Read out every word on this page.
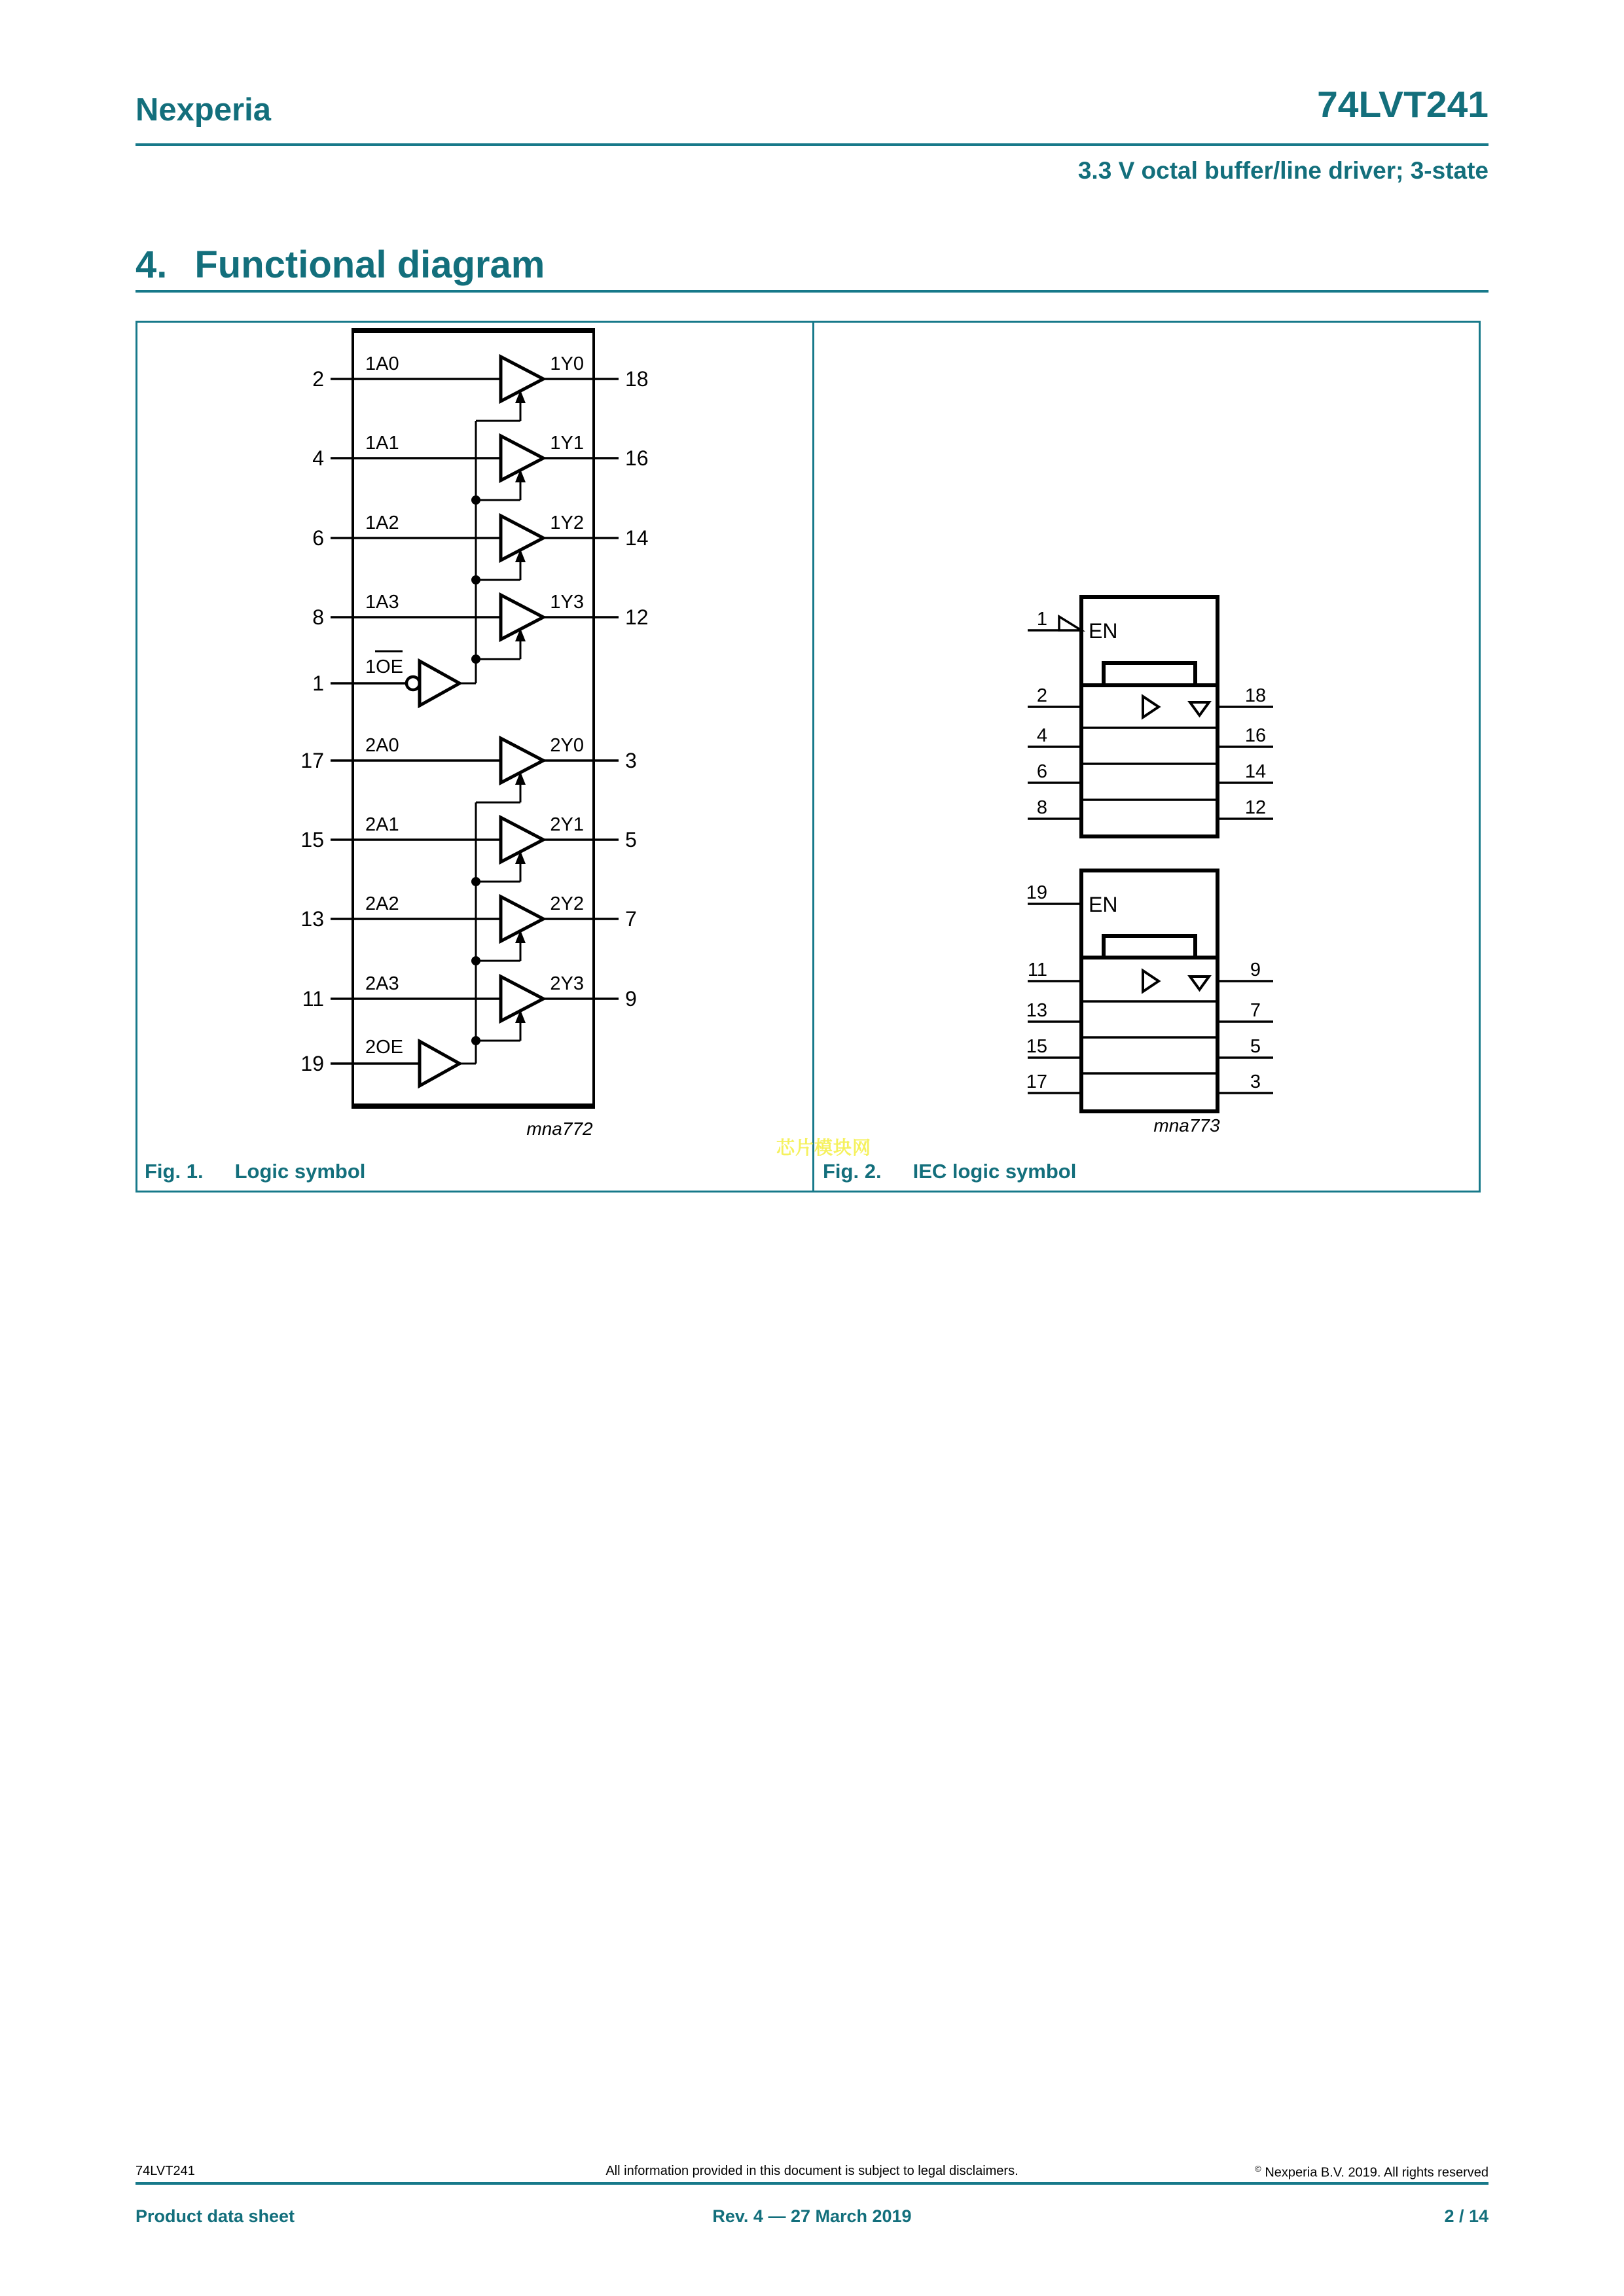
Nexperia	74LVT241
3.3 V octal buffer/line driver; 3-state
4. Functional diagram
2
1A0	1Y0
18
4
1A1	1Y1
16
6
1A2	1Y2
14
8
1A3	1Y3
12
1
1OE
17
2A0	2Y0
3
15
2A1	2Y1
5
13
2A2	2Y2
7
11
2A3	2Y3
9
19
2OE
mna772
1 EN
2	18
4	16
6	14
8	12
19 EN
11	9
13	7
15	5
17	3
mna773
芯片模块网
Fig. 1. Logic symbol	Fig. 2. IEC logic symbol
74LVT241	All information provided in this document is subject to legal disclaimers.	© Nexperia B.V. 2019. All rights reserved
Product data sheet	Rev. 4 — 27 March 2019	2 / 14
